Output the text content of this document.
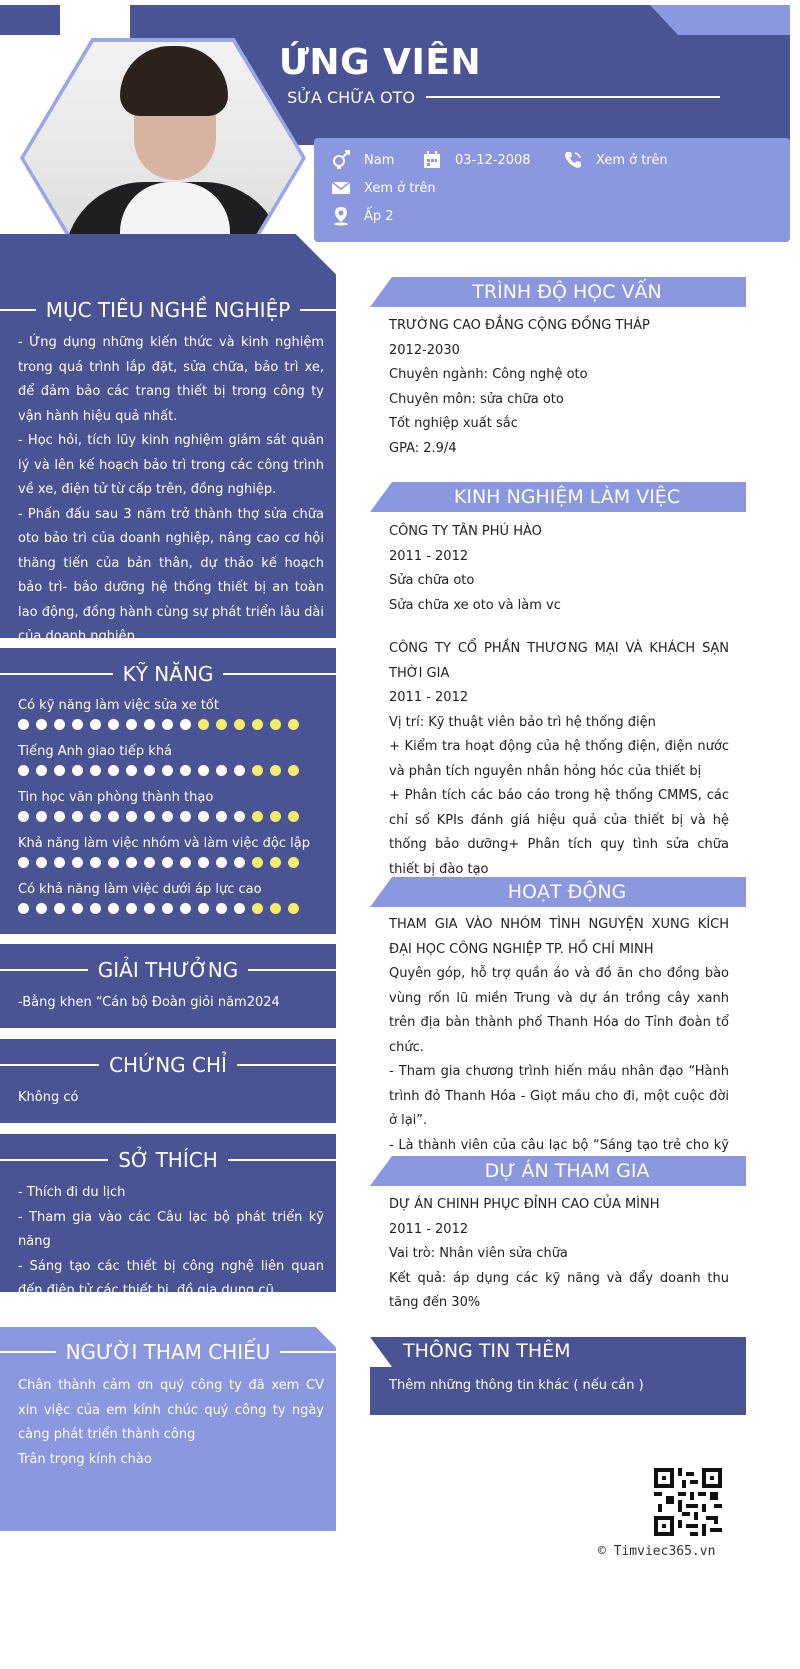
ỨNG VIÊN
SỬA CHỮA OTO
Nam	03-12-2008	Xem ở trên
Xem ở trên
Ấp 2
MỤC TIÊU NGHỀ NGHIỆP
- Ứng dụng những kiến thức và kinh nghiệm trong quá trình lắp đặt, sửa chữa, bảo trì xe, để đảm bảo các trang thiết bị trong công ty vận hành hiệu quả nhất.
- Học hỏi, tích lũy kinh nghiệm giám sát quản lý và lên kế hoạch bảo trì trong các công trình về xe, điện tử từ cấp trên, đồng nghiệp.
- Phấn đấu sau 3 năm trở thành thợ sửa chữa oto bảo trì của doanh nghiệp, nâng cao cơ hội thăng tiến của bản thân, dự thảo kế hoạch bảo trì- bảo dưỡng hệ thống thiết bị an toàn lao động, đồng hành cùng sự phát triển lâu dài của doanh nghiệp.
KỸ NĂNG
Có kỹ năng làm việc sửa xe tốt
Tiếng Anh giao tiếp khá
Tin học văn phòng thành thạo
Khả năng làm việc nhóm và làm việc độc lập
Có khả năng làm việc dưới áp lực cao
GIẢI THƯỞNG
-Bằng khen “Cán bộ Đoàn giỏi năm2024
CHỨNG CHỈ
Không có
SỞ THÍCH
- Thích đi du lịch
- Tham gia vào các Câu lạc bộ phát triển kỹ năng
- Sáng tạo các thiết bị công nghệ liên quan đến điện tử các thiết bị, đồ gia dụng cũ
NGƯỜI THAM CHIẾU
Chân thành cảm ơn quý công ty đã xem CV xin việc của em kính chúc quý công ty ngày càng phát triển thành công
Trân trọng kính chào
TRÌNH ĐỘ HỌC VẤN
TRƯỜNG CAO ĐẲNG CỘNG ĐỒNG THÁP
2012-2030
Chuyên ngành: Công nghệ oto
Chuyên môn: sửa chữa oto
Tốt nghiệp xuất sắc
GPA: 2.9/4
KINH NGHIỆM LÀM VIỆC
CÔNG TY TÂN PHÚ HÀO
2011 - 2012
Sửa chữa oto
Sửa chữa xe oto và làm vc
CÔNG TY CỔ PHẦN THƯƠNG MẠI VÀ KHÁCH SẠN THỜI GIA
2011 - 2012
Vị trí: Kỹ thuật viên bảo trì hệ thống điện
+ Kiểm tra hoạt động của hệ thống điện, điện nước và phân tích nguyên nhân hỏng hóc của thiết bị
+ Phân tích các báo cáo trong hệ thống CMMS, các chỉ số KPIs đánh giá hiệu quả của thiết bị và hệ thống bảo dưỡng+ Phân tích quy tình sửa chữa thiết bị đào tạo
HOẠT ĐỘNG
THAM GIA VÀO NHÓM TÌNH NGUYỆN XUNG KÍCH ĐẠI HỌC CÔNG NGHIỆP TP. HỒ CHÍ MINH
Quyên góp, hỗ trợ quần áo và đồ ăn cho đồng bào vùng rốn lũ miền Trung và dự án trồng cây xanh trên địa bàn thành phố Thanh Hóa do Tỉnh đoàn tổ chức.
- Tham gia chương trình hiến máu nhân đạo “Hành trình đỏ Thanh Hóa - Giọt máu cho đi, một cuộc đời ở lại”.
- Là thành viên của câu lạc bộ “Sáng tạo trẻ cho kỹ
DỰ ÁN THAM GIA
DỰ ÁN CHINH PHỤC ĐỈNH CAO CỦA MÌNH
2011 - 2012
Vai trò: Nhân viên sửa chữa
Kết quả: áp dụng các kỹ năng và đẩy doanh thu tăng đến 30%
THÔNG TIN THÊM
Thêm những thông tin khác ( nếu cần )
© Timviec365.vn
